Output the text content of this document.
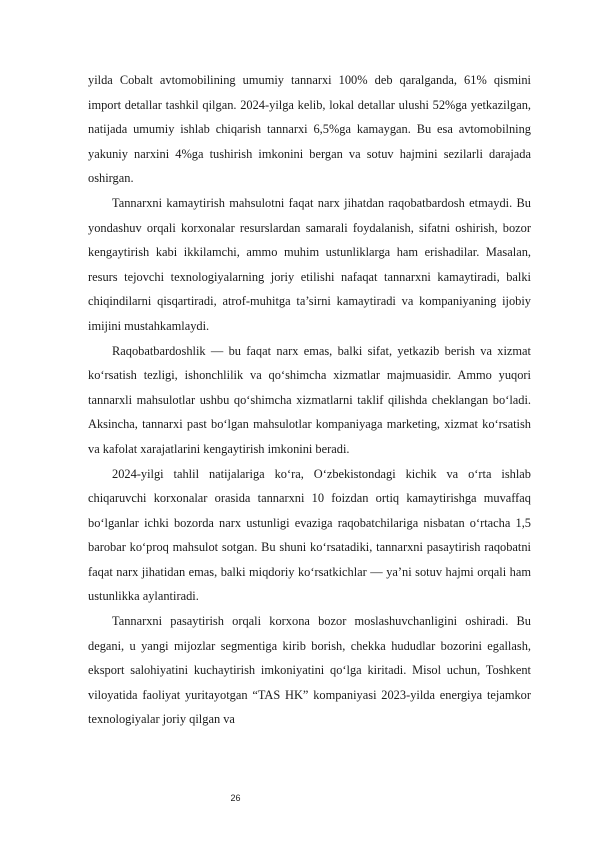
yilda Cobalt avtomobilining umumiy tannarxi 100% deb qaralganda, 61% qismini import detallar tashkil qilgan. 2024-yilga kelib, lokal detallar ulushi 52%ga yetkazilgan, natijada umumiy ishlab chiqarish tannarxi 6,5%ga kamaygan. Bu esa avtomobilning yakuniy narxini 4%ga tushirish imkonini bergan va sotuv hajmini sezilarli darajada oshirgan.

Tannarxni kamaytirish mahsulotni faqat narx jihatdan raqobatbardosh etmaydi. Bu yondashuv orqali korxonalar resurslardan samarali foydalanish, sifatni oshirish, bozor kengaytirish kabi ikkilamchi, ammo muhim ustunliklarga ham erishadilar. Masalan, resurs tejovchi texnologiyalarning joriy etilishi nafaqat tannarxni kamaytiradi, balki chiqindilarni qisqartiradi, atrof-muhitga ta’sirni kamaytiradi va kompaniyaning ijobiy imijini mustahkamlaydi.

Raqobatbardoshlik — bu faqat narx emas, balki sifat, yetkazib berish va xizmat ko‘rsatish tezligi, ishonchlilik va qo‘shimcha xizmatlar majmuasidir. Ammo yuqori tannarxli mahsulotlar ushbu qo‘shimcha xizmatlarni taklif qilishda cheklangan bo‘ladi. Aksincha, tannarxi past bo‘lgan mahsulotlar kompaniyaga marketing, xizmat ko‘rsatish va kafolat xarajatlarini kengaytirish imkonini beradi.

2024-yilgi tahlil natijalariga ko‘ra, O‘zbekistondagi kichik va o‘rta ishlab chiqaruvchi korxonalar orasida tannarxni 10 foizdan ortiq kamaytirishga muvaffaq bo‘lganlar ichki bozorda narx ustunligi evaziga raqobatchilariga nisbatan o‘rtacha 1,5 barobar ko‘proq mahsulot sotgan. Bu shuni ko‘rsatadiki, tannarxni pasaytirish raqobatni faqat narx jihatidan emas, balki miqdoriy ko‘rsatkichlar — ya’ni sotuv hajmi orqali ham ustunlikka aylantiradi.

Tannarxni pasaytirish orqali korxona bozor moslashuvchanligini oshiradi. Bu degani, u yangi mijozlar segmentiga kirib borish, chekka hududlar bozorini egallash, eksport salohiyatini kuchaytirish imkoniyatini qo‘lga kiritadi. Misol uchun, Toshkent viloyatida faoliyat yuritayotgan “TAS HK” kompaniyasi 2023-yilda energiya tejamkor texnologiyalar joriy qilgan va

26
